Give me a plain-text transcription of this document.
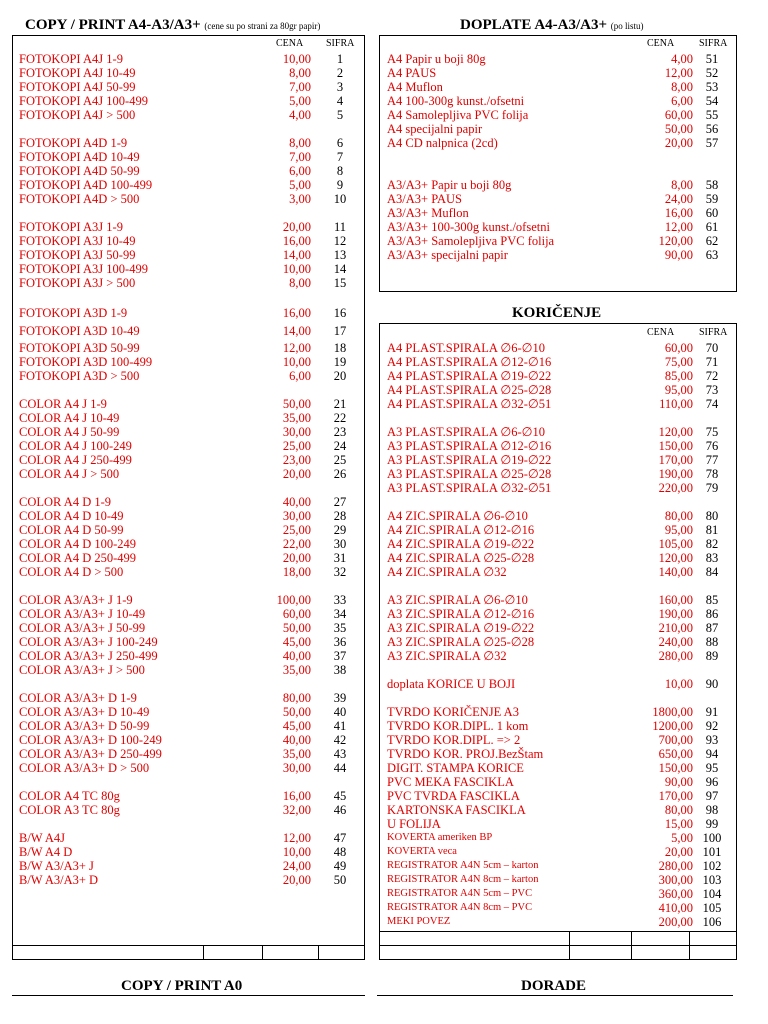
COPY / PRINT A4-A3/A3+ (cene su po strani za 80gr papir)	DOPLATE A4-A3/A3+ (po listu)
KORIČENJE
COPY / PRINT A0	DORADE
CENA SIFRA	CENA SIFRA
CENA SIFRA
FOTOKOPI A4J 1-9	10,00	1
FOTOKOPI A4J 10-49	8,00	2
FOTOKOPI A4J 50-99	7,00	3
FOTOKOPI A4J 100-499	5,00	4
FOTOKOPI A4J > 500	4,00	5
FOTOKOPI A4D 1-9	8,00	6
FOTOKOPI A4D 10-49	7,00	7
FOTOKOPI A4D 50-99	6,00	8
FOTOKOPI A4D 100-499	5,00	9
FOTOKOPI A4D > 500	3,00	10
FOTOKOPI A3J 1-9	20,00	11
FOTOKOPI A3J 10-49	16,00	12
FOTOKOPI A3J 50-99	14,00	13
FOTOKOPI A3J 100-499	10,00	14
FOTOKOPI A3J > 500	8,00	15
FOTOKOPI A3D 1-9	16,00	16
FOTOKOPI A3D 10-49	14,00	17
FOTOKOPI A3D 50-99	12,00	18
FOTOKOPI A3D 100-499	10,00	19
FOTOKOPI A3D > 500	6,00	20
COLOR A4 J 1-9	50,00	21
COLOR A4 J 10-49	35,00	22
COLOR A4 J 50-99	30,00	23
COLOR A4 J 100-249	25,00	24
COLOR A4 J 250-499	23,00	25
COLOR A4 J > 500	20,00	26
COLOR A4 D 1-9	40,00	27
COLOR A4 D 10-49	30,00	28
COLOR A4 D 50-99	25,00	29
COLOR A4 D 100-249	22,00	30
COLOR A4 D 250-499	20,00	31
COLOR A4 D > 500	18,00	32
COLOR A3/A3+ J 1-9	100,00	33
COLOR A3/A3+ J 10-49	60,00	34
COLOR A3/A3+ J 50-99	50,00	35
COLOR A3/A3+ J 100-249	45,00	36
COLOR A3/A3+ J 250-499	40,00	37
COLOR A3/A3+ J > 500	35,00	38
COLOR A3/A3+ D 1-9	80,00	39
COLOR A3/A3+ D 10-49	50,00	40
COLOR A3/A3+ D 50-99	45,00	41
COLOR A3/A3+ D 100-249	40,00	42
COLOR A3/A3+ D 250-499	35,00	43
COLOR A3/A3+ D > 500	30,00	44
COLOR A4 TC 80g	16,00	45
COLOR A3 TC 80g	32,00	46
B/W A4J	12,00	47
B/W A4 D	10,00	48
B/W A3/A3+ J	24,00	49
B/W A3/A3+ D	20,00	50
A4 Papir u boji 80g	4,00	51
A4 PAUS	12,00	52
A4 Muflon	8,00	53
A4 100-300g kunst./ofsetni	6,00	54
A4 Samolepljiva PVC folija	60,00	55
A4 specijalni papir	50,00	56
A4 CD nalpnica (2cd)	20,00	57
A3/A3+ Papir u boji 80g	8,00	58
A3/A3+ PAUS	24,00	59
A3/A3+ Muflon	16,00	60
A3/A3+ 100-300g kunst./ofsetni	12,00	61
A3/A3+ Samolepljiva PVC folija	120,00	62
A3/A3+ specijalni papir	90,00	63
A4 PLAST.SPIRALA ∅6-∅10	60,00	70
A4 PLAST.SPIRALA ∅12-∅16	75,00	71
A4 PLAST.SPIRALA ∅19-∅22	85,00	72
A4 PLAST.SPIRALA ∅25-∅28	95,00	73
A4 PLAST.SPIRALA ∅32-∅51	110,00	74
A3 PLAST.SPIRALA ∅6-∅10	120,00	75
A3 PLAST.SPIRALA ∅12-∅16	150,00	76
A3 PLAST.SPIRALA ∅19-∅22	170,00	77
A3 PLAST.SPIRALA ∅25-∅28	190,00	78
A3 PLAST.SPIRALA ∅32-∅51	220,00	79
A4 ZIC.SPIRALA ∅6-∅10	80,00	80
A4 ZIC.SPIRALA ∅12-∅16	95,00	81
A4 ZIC.SPIRALA ∅19-∅22	105,00	82
A4 ZIC.SPIRALA ∅25-∅28	120,00	83
A4 ZIC.SPIRALA ∅32	140,00	84
A3 ZIC.SPIRALA ∅6-∅10	160,00	85
A3 ZIC.SPIRALA ∅12-∅16	190,00	86
A3 ZIC.SPIRALA ∅19-∅22	210,00	87
A3 ZIC.SPIRALA ∅25-∅28	240,00	88
A3 ZIC.SPIRALA ∅32	280,00	89
doplata KORICE U BOJI	10,00	90
TVRDO KORIČENJE A3	1800,00	91
TVRDO KOR.DIPL. 1 kom	1200,00	92
TVRDO KOR.DIPL. => 2	700,00	93
TVRDO KOR. PROJ.BezŠtam	650,00	94
DIGIT. STAMPA KORICE	150,00	95
PVC MEKA FASCIKLA	90,00	96
PVC TVRDA FASCIKLA	170,00	97
KARTONSKA FASCIKLA	80,00	98
U FOLIJA	15,00	99
KOVERTA ameriken BP	5,00 100
KOVERTA veca	20,00 101
REGISTRATOR A4N 5cm – karton	280,00 102
REGISTRATOR A4N 8cm – karton	300,00 103
REGISTRATOR A4N 5cm – PVC	360,00 104
REGISTRATOR A4N 8cm – PVC	410,00 105
MEKI POVEZ	200,00 106
